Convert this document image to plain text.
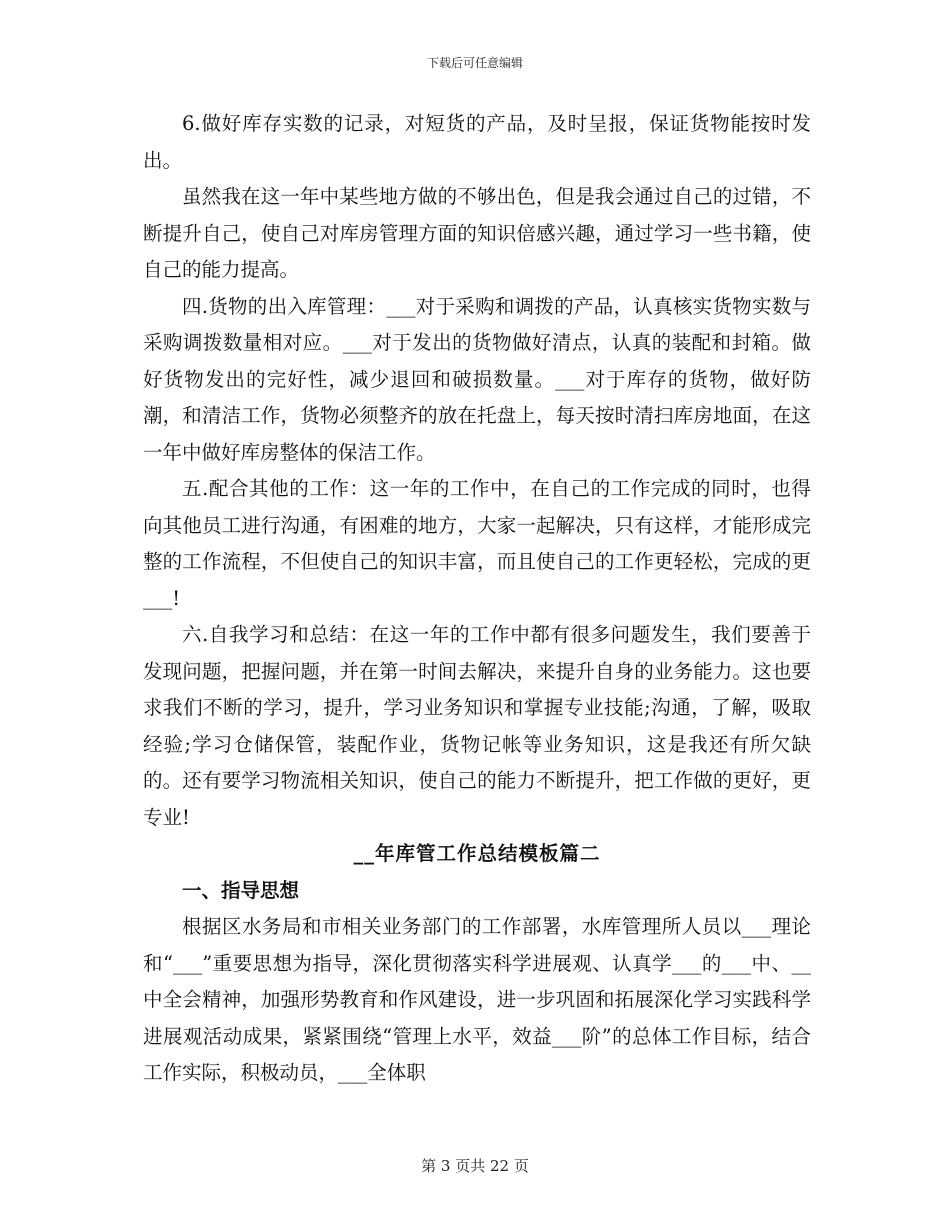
下载后可任意编辑

6.做好库存实数的记录，对短货的产品，及时呈报，保证货物能按时发出。

虽然我在这一年中某些地方做的不够出色，但是我会通过自己的过错，不断提升自己，使自己对库房管理方面的知识倍感兴趣，通过学习一些书籍，使自己的能力提高。

四.货物的出入库管理：___对于采购和调拨的产品，认真核实货物实数与采购调拨数量相对应。___对于发出的货物做好清点，认真的装配和封箱。做好货物发出的完好性，减少退回和破损数量。___对于库存的货物，做好防潮，和清洁工作，货物必须整齐的放在托盘上，每天按时清扫库房地面，在这一年中做好库房整体的保洁工作。

五.配合其他的工作：这一年的工作中，在自己的工作完成的同时，也得向其他员工进行沟通，有困难的地方，大家一起解决，只有这样，才能形成完整的工作流程，不但使自己的知识丰富，而且使自己的工作更轻松，完成的更___!

六.自我学习和总结：在这一年的工作中都有很多问题发生，我们要善于发现问题，把握问题，并在第一时间去解决，来提升自身的业务能力。这也要求我们不断的学习，提升，学习业务知识和掌握专业技能;沟通，了解，吸取经验;学习仓储保管，装配作业，货物记帐等业务知识，这是我还有所欠缺的。还有要学习物流相关知识，使自己的能力不断提升，把工作做的更好，更专业!

__年库管工作总结模板篇二

一、指导思想

根据区水务局和市相关业务部门的工作部署，水库管理所人员以___理论和“___”重要思想为指导，深化贯彻落实科学进展观、认真学___的___中、__中全会精神，加强形势教育和作风建设，进一步巩固和拓展深化学习实践科学进展观活动成果，紧紧围绕“管理上水平，效益___阶”的总体工作目标，结合工作实际，积极动员，___全体职

第 3 页共 22 页
